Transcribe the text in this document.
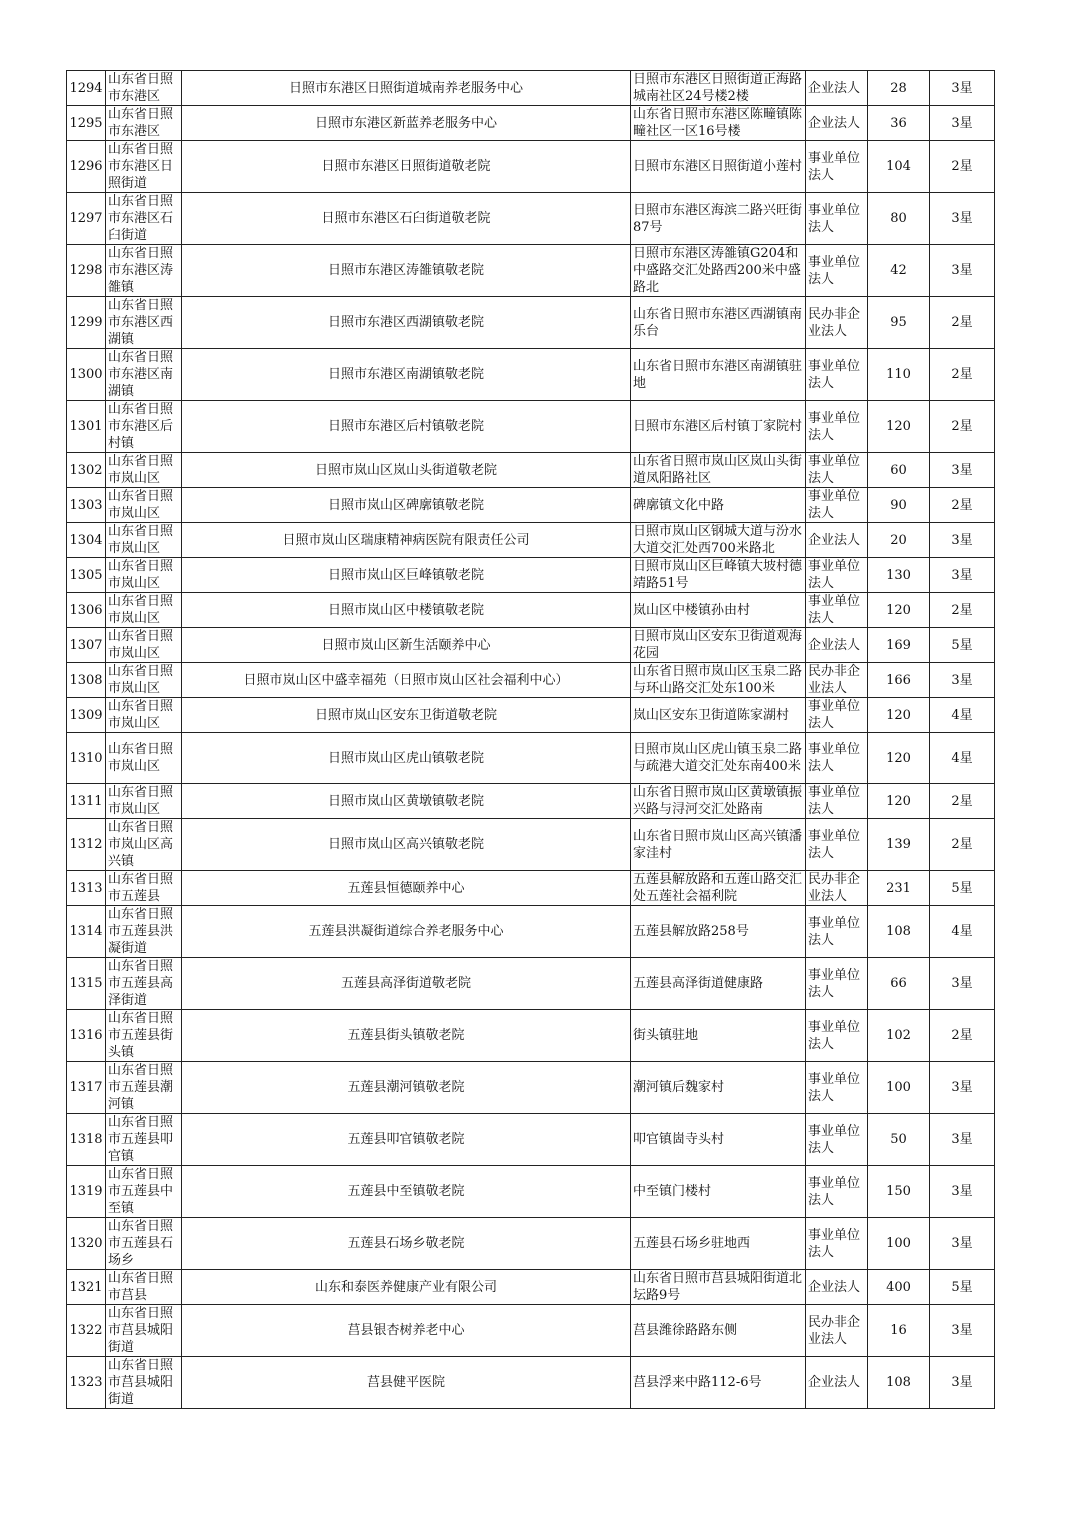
1294	山东省日照市东港区	日照市东港区日照街道城南养老服务中心	日照市东港区日照街道正海路城南社区24号楼2楼	企业法人	28	3星
1295	山东省日照市东港区	日照市东港区新蓝养老服务中心	山东省日照市东港区陈疃镇陈疃社区一区16号楼	企业法人	36	3星
1296	山东省日照市东港区日照街道	日照市东港区日照街道敬老院	日照市东港区日照街道小莲村	事业单位法人	104	2星
1297	山东省日照市东港区石臼街道	日照市东港区石臼街道敬老院	日照市东港区海滨二路兴旺街87号	事业单位法人	80	3星
1298	山东省日照市东港区涛雒镇	日照市东港区涛雒镇敬老院	日照市东港区涛雒镇G204和中盛路交汇处路西200米中盛路北	事业单位法人	42	3星
1299	山东省日照市东港区西湖镇	日照市东港区西湖镇敬老院	山东省日照市东港区西湖镇南乐台	民办非企业法人	95	2星
1300	山东省日照市东港区南湖镇	日照市东港区南湖镇敬老院	山东省日照市东港区南湖镇驻地	事业单位法人	110	2星
1301	山东省日照市东港区后村镇	日照市东港区后村镇敬老院	日照市东港区后村镇丁家院村	事业单位法人	120	2星
1302	山东省日照市岚山区	日照市岚山区岚山头街道敬老院	山东省日照市岚山区岚山头街道凤阳路社区	事业单位法人	60	3星
1303	山东省日照市岚山区	日照市岚山区碑廓镇敬老院	碑廓镇文化中路	事业单位法人	90	2星
1304	山东省日照市岚山区	日照市岚山区瑞康精神病医院有限责任公司	日照市岚山区钢城大道与汾水大道交汇处西700米路北	企业法人	20	3星
1305	山东省日照市岚山区	日照市岚山区巨峰镇敬老院	日照市岚山区巨峰镇大坡村德靖路51号	事业单位法人	130	3星
1306	山东省日照市岚山区	日照市岚山区中楼镇敬老院	岚山区中楼镇孙由村	事业单位法人	120	2星
1307	山东省日照市岚山区	日照市岚山区新生活颐养中心	日照市岚山区安东卫街道观海花园	企业法人	169	5星
1308	山东省日照市岚山区	日照市岚山区中盛幸福苑（日照市岚山区社会福利中心）	山东省日照市岚山区玉泉二路与环山路交汇处东100米	民办非企业法人	166	3星
1309	山东省日照市岚山区	日照市岚山区安东卫街道敬老院	岚山区安东卫街道陈家湖村	事业单位法人	120	4星
1310	山东省日照市岚山区	日照市岚山区虎山镇敬老院	日照市岚山区虎山镇玉泉二路与疏港大道交汇处东南400米	事业单位法人	120	4星
1311	山东省日照市岚山区	日照市岚山区黄墩镇敬老院	山东省日照市岚山区黄墩镇振兴路与浔河交汇处路南	事业单位法人	120	2星
1312	山东省日照市岚山区高兴镇	日照市岚山区高兴镇敬老院	山东省日照市岚山区高兴镇潘家洼村	事业单位法人	139	2星
1313	山东省日照市五莲县	五莲县恒德颐养中心	五莲县解放路和五莲山路交汇处五莲社会福利院	民办非企业法人	231	5星
1314	山东省日照市五莲县洪凝街道	五莲县洪凝街道综合养老服务中心	五莲县解放路258号	事业单位法人	108	4星
1315	山东省日照市五莲县高泽街道	五莲县高泽街道敬老院	五莲县高泽街道健康路	事业单位法人	66	3星
1316	山东省日照市五莲县街头镇	五莲县街头镇敬老院	街头镇驻地	事业单位法人	102	2星
1317	山东省日照市五莲县潮河镇	五莲县潮河镇敬老院	潮河镇后魏家村	事业单位法人	100	3星
1318	山东省日照市五莲县叩官镇	五莲县叩官镇敬老院	叩官镇崮寺头村	事业单位法人	50	3星
1319	山东省日照市五莲县中至镇	五莲县中至镇敬老院	中至镇门楼村	事业单位法人	150	3星
1320	山东省日照市五莲县石场乡	五莲县石场乡敬老院	五莲县石场乡驻地西	事业单位法人	100	3星
1321	山东省日照市莒县	山东和泰医养健康产业有限公司	山东省日照市莒县城阳街道北坛路9号	企业法人	400	5星
1322	山东省日照市莒县城阳街道	莒县银杏树养老中心	莒县潍徐路路东侧	民办非企业法人	16	3星
1323	山东省日照市莒县城阳街道	莒县健平医院	莒县浮来中路112-6号	企业法人	108	3星
